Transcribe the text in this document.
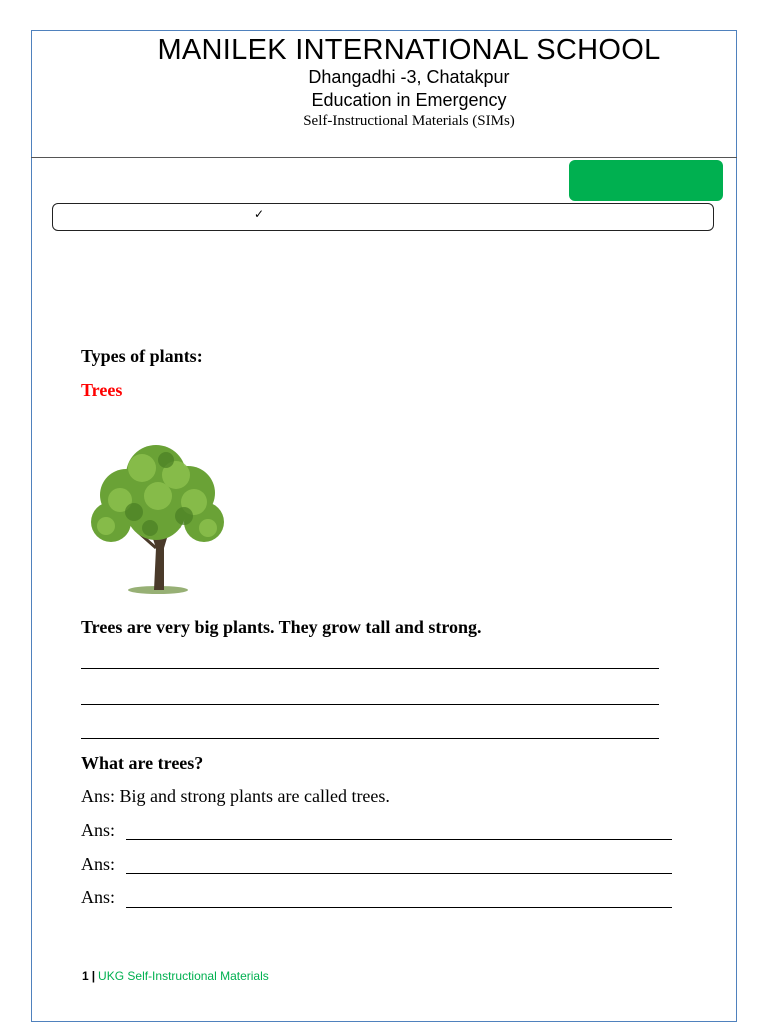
MANILEK INTERNATIONAL SCHOOL
Dhangadhi -3, Chatakpur
Education in Emergency
Self-Instructional Materials (SIMs)
✓
Types of plants:
Trees
Trees are very big plants. They grow tall and strong.
What are trees?
Ans: Big and strong plants are called trees.
Ans:
Ans:
Ans:
1 | UKG Self-Instructional Materials
